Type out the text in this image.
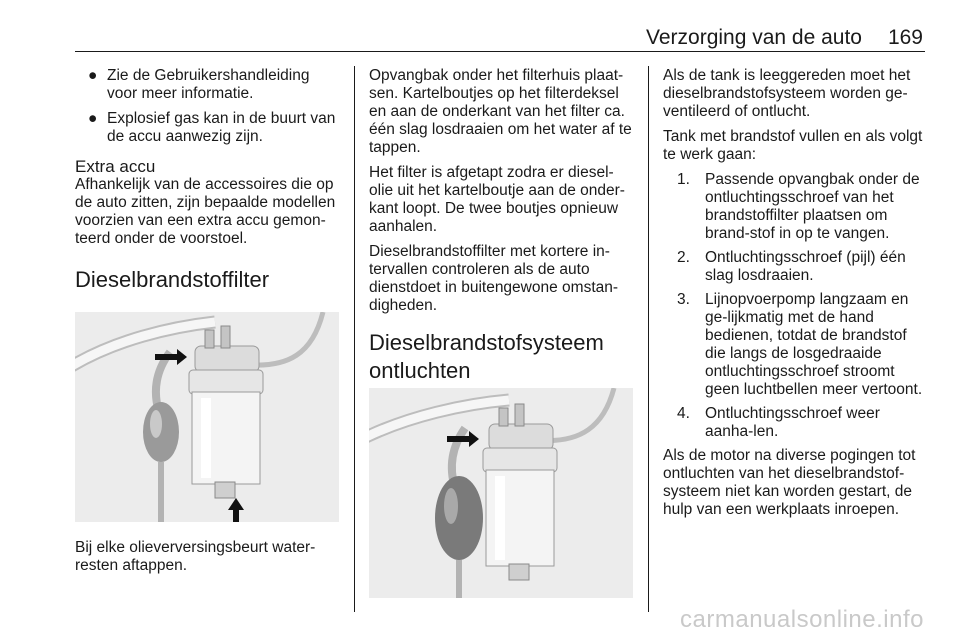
Verzorging van de auto 169
● Zie de Gebruikershandleiding voor meer informatie.
● Explosief gas kan in de buurt van de accu aanwezig zijn.

Extra accu

Afhankelijk van de accessoires die op de auto zitten, zijn bepaalde modellen voorzien van een extra accu gemon-teerd onder de voorstoel.

Dieselbrandstoffilter

Bij elke olieverversingsbeurt water-resten aftappen.

Opvangbak onder het filterhuis plaat-sen. Kartelboutjes op het filterdeksel en aan de onderkant van het filter ca. één slag losdraaien om het water af te tappen.

Het filter is afgetapt zodra er diesel-olie uit het kartelboutje aan de onder-kant loopt. De twee boutjes opnieuw aanhalen.

Dieselbrandstoffilter met kortere in-tervallen controleren als de auto dienstdoet in buitengewone omstan-digheden.

Dieselbrandstofsysteem
ontluchten

Als de tank is leeggereden moet het dieselbrandstofsysteem worden ge-ventileerd of ontlucht.

Tank met brandstof vullen en als volgt te werk gaan:

1. Passende opvangbak onder de ontluchtingsschroef van het brandstoffilter plaatsen om brand-stof in op te vangen.
2. Ontluchtingsschroef (pijl) één slag losdraaien.
3. Lijnopvoerpomp langzaam en ge-lijkmatig met de hand bedienen, totdat de brandstof die langs de losgedraaide ontluchtingsschroef stroomt geen luchtbellen meer vertoont.
4. Ontluchtingsschroef weer aanha-len.

Als de motor na diverse pogingen tot ontluchten van het dieselbrandstof-systeem niet kan worden gestart, de hulp van een werkplaats inroepen.

carmanualsonline.info
